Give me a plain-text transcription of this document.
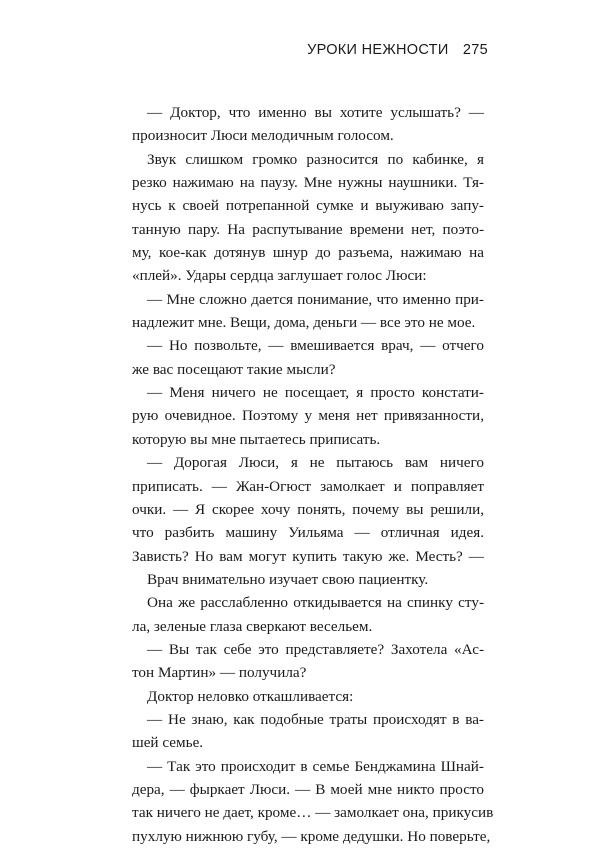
УРОКИ НЕЖНОСТИ 275
— Доктор, что именно вы хотите услышать? —
произносит Люси мелодичным голосом.
Звук слишком громко разносится по кабинке, я
резко нажимаю на паузу. Мне нужны наушники. Тя-
нусь к своей потрепанной сумке и выуживаю запу-
танную пару. На распутывание времени нет, поэто-
му, кое-как дотянув шнур до разъема, нажимаю на
«плей». Удары сердца заглушает голос Люси:
— Мне сложно дается понимание, что именно при-
надлежит мне. Вещи, дома, деньги — все это не мое.
— Но позвольте, — вмешивается врач, — отчего
же вас посещают такие мысли?
— Меня ничего не посещает, я просто констати-
рую очевидное. Поэтому у меня нет привязанности,
которую вы мне пытаетесь приписать.
— Дорогая Люси, я не пытаюсь вам ничего
приписать. — Жан-Огюст замолкает и поправляет
очки. — Я скорее хочу понять, почему вы решили,
что разбить машину Уильяма — отличная идея.
Зависть? Но вам могут купить такую же. Месть? —
Врач внимательно изучает свою пациентку.
Она же расслабленно откидывается на спинку сту-
ла, зеленые глаза сверкают весельем.
— Вы так себе это представляете? Захотела «Ас-
тон Мартин» — получила?
Доктор неловко откашливается:
— Не знаю, как подобные траты происходят в ва-
шей семье.
— Так это происходит в семье Бенджамина Шнай-
дера, — фыркает Люси. — В моей мне никто просто
так ничего не дает, кроме… — замолкает она, прикусив
пухлую нижнюю губу, — кроме дедушки. Но поверьте,
